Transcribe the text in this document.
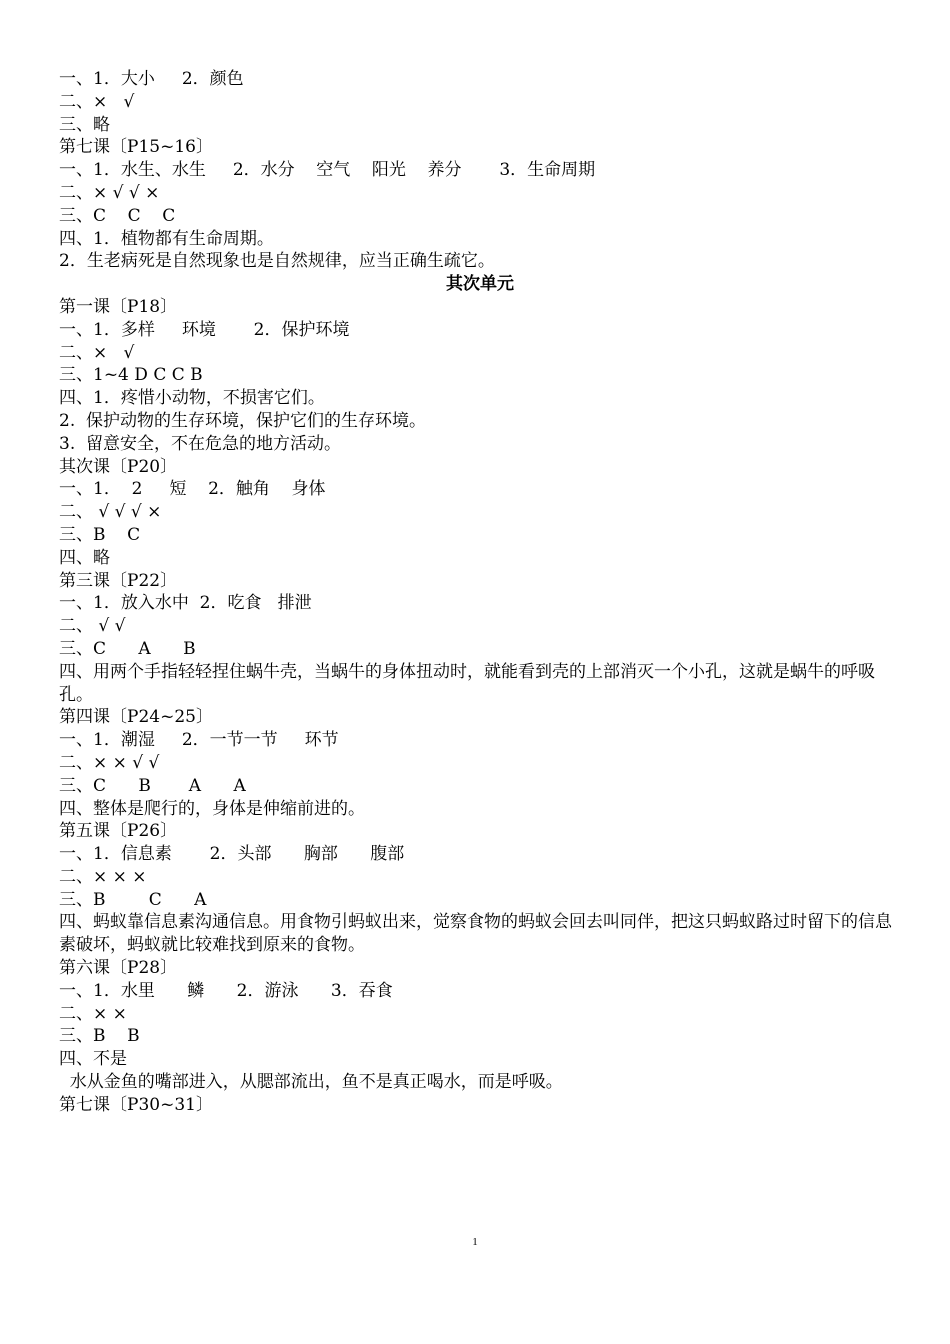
一、1．大小     2．颜色
二、×   √
三、略
第七课〔P15~16〕
一、1．水生、水生     2．水分    空气    阳光    养分       3．生命周期
二、× √ √ ×
三、C    C    C
四、1．植物都有生命周期。
2．生老病死是自然现象也是自然规律，应当正确生疏它。
其次单元
第一课〔P18〕
一、1．多样     环境       2．保护环境
二、×   √
三、1~4 D C C B
四、1．疼惜小动物，不损害它们。
2.  保护动物的生存环境，保护它们的生存环境。
3.  留意安全，不在危急的地方活动。
其次课〔P20〕
一、1．  2     短    2．触角    身体
二、 √ √ √ ×
三、B    C
四、略
第三课〔P22〕
一、1．放入水中  2．吃食   排泄
二、 √ √
三、C      A      B
四、用两个手指轻轻捏住蜗牛壳，当蜗牛的身体扭动时，就能看到壳的上部消灭一个小孔，这就是蜗牛的呼吸孔。
第四课〔P24~25〕
一、1．潮湿     2．一节一节     环节
二、× × √ √
三、C      B       A      A
四、整体是爬行的，身体是伸缩前进的。
第五课〔P26〕
一、1．信息素       2．头部      胸部      腹部
二、× × ×
三、B        C      A
四、蚂蚁靠信息素沟通信息。用食物引蚂蚁出来，觉察食物的蚂蚁会回去叫同伴，把这只蚂蚁路过时留下的信息素破坏，蚂蚁就比较难找到原来的食物。
第六课〔P28〕
一、1．水里      鳞      2．游泳      3．吞食
二、× ×
三、B    B
四、不是
水从金鱼的嘴部进入，从腮部流出，鱼不是真正喝水，而是呼吸。
第七课〔P30~31〕
1
